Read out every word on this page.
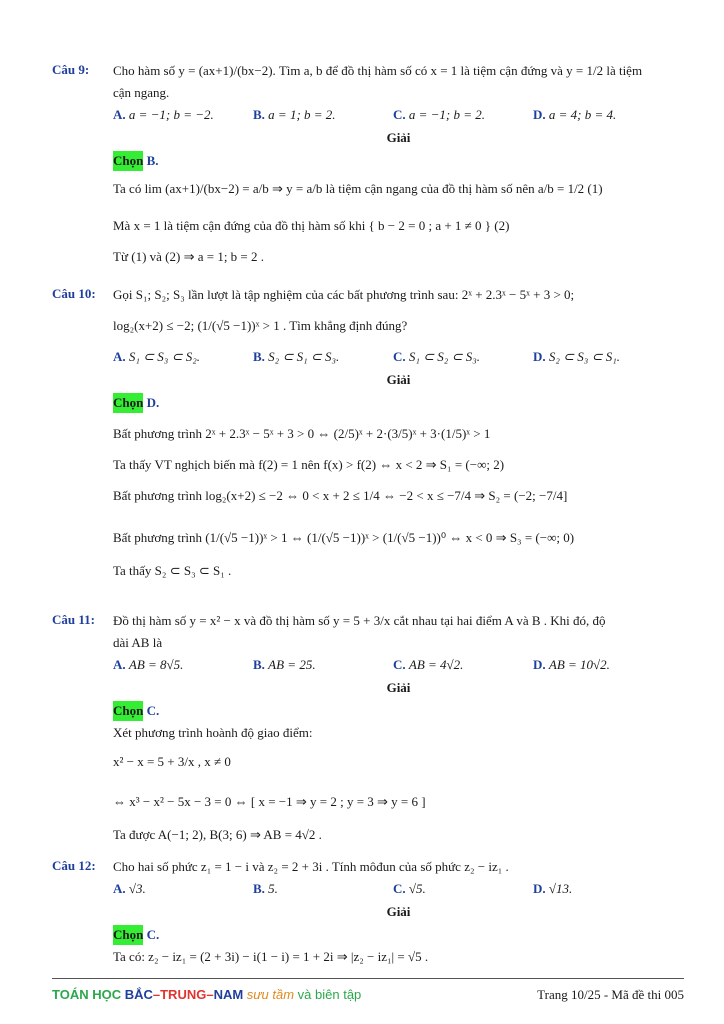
Câu 9: Cho hàm số y = (ax+1)/(bx−2). Tìm a, b để đồ thị hàm số có x = 1 là tiệm cận đứng và y = 1/2 là tiệm
cận ngang.
A. a = −1; b = −2.	B. a = 1; b = 2.	C. a = −1; b = 2.	D. a = 4; b = 4.
Giải
Chọn
B.
Ta có lim (ax+1)/(bx−2) = a/b ⇒ y = a/b là tiệm cận ngang của đồ thị hàm số nên a/b = 1/2 (1)
Mà x = 1 là tiệm cận đứng của đồ thị hàm số khi { b − 2 = 0 ; a + 1 ≠ 0 } (2)
Từ (1) và (2) ⇒ a = 1; b = 2 .
Câu 10: Gọi S₁; S₂; S₃ lần lượt là tập nghiệm của các bất phương trình sau: 2ˣ + 2.3ˣ − 5ˣ + 3 > 0;
log₂(x+2) ≤ −2; (1/(√5 −1))ˣ > 1 . Tìm khẳng định đúng?
A. S₁ ⊂ S₃ ⊂ S₂.	B. S₂ ⊂ S₁ ⊂ S₃.	C. S₁ ⊂ S₂ ⊂ S₃.	D. S₂ ⊂ S₃ ⊂ S₁.
Giải
Chọn
D.
Bất phương trình 2ˣ + 2.3ˣ − 5ˣ + 3 > 0 ⇔ (2/5)ˣ + 2·(3/5)ˣ + 3·(1/5)ˣ > 1
Ta thấy VT nghịch biến mà f(2) = 1 nên f(x) > f(2) ⇔ x < 2 ⇒ S₁ = (−∞; 2)
Bất phương trình log₂(x+2) ≤ −2 ⇔ 0 < x + 2 ≤ 1/4 ⇔ −2 < x ≤ −7/4 ⇒ S₂ = (−2; −7/4]
Bất phương trình (1/(√5 −1))ˣ > 1 ⇔ (1/(√5 −1))ˣ > (1/(√5 −1))⁰ ⇔ x < 0 ⇒ S₃ = (−∞; 0)
Ta thấy S₂ ⊂ S₃ ⊂ S₁ .
Câu 11: Đồ thị hàm số y = x² − x và đồ thị hàm số y = 5 + 3/x cắt nhau tại hai điểm A và B . Khi đó, độ
dài AB là
A. AB = 8√5.	B. AB = 25.	C. AB = 4√2.	D. AB = 10√2.
Giải
Chọn
C.
Xét phương trình hoành độ giao điểm:
x² − x = 5 + 3/x , x ≠ 0
⇔ x³ − x² − 5x − 3 = 0 ⇔ [ x = −1 ⇒ y = 2 ; y = 3 ⇒ y = 6 ]
Ta được A(−1; 2), B(3; 6) ⇒ AB = 4√2 .
Câu 12: Cho hai số phức z₁ = 1 − i và z₂ = 2 + 3i . Tính môđun của số phức z₂ − iz₁ .
A. √3.	B. 5.	C. √5.	D. √13.
Giải
Chọn
C.
Ta có: z₂ − iz₁ = (2 + 3i) − i(1 − i) = 1 + 2i ⇒ |z₂ − iz₁| = √5 .
TOÁN HỌC BẮC–TRUNG–NAM sưu tầm và biên tập	Trang 10/25 - Mã đề thi 005
